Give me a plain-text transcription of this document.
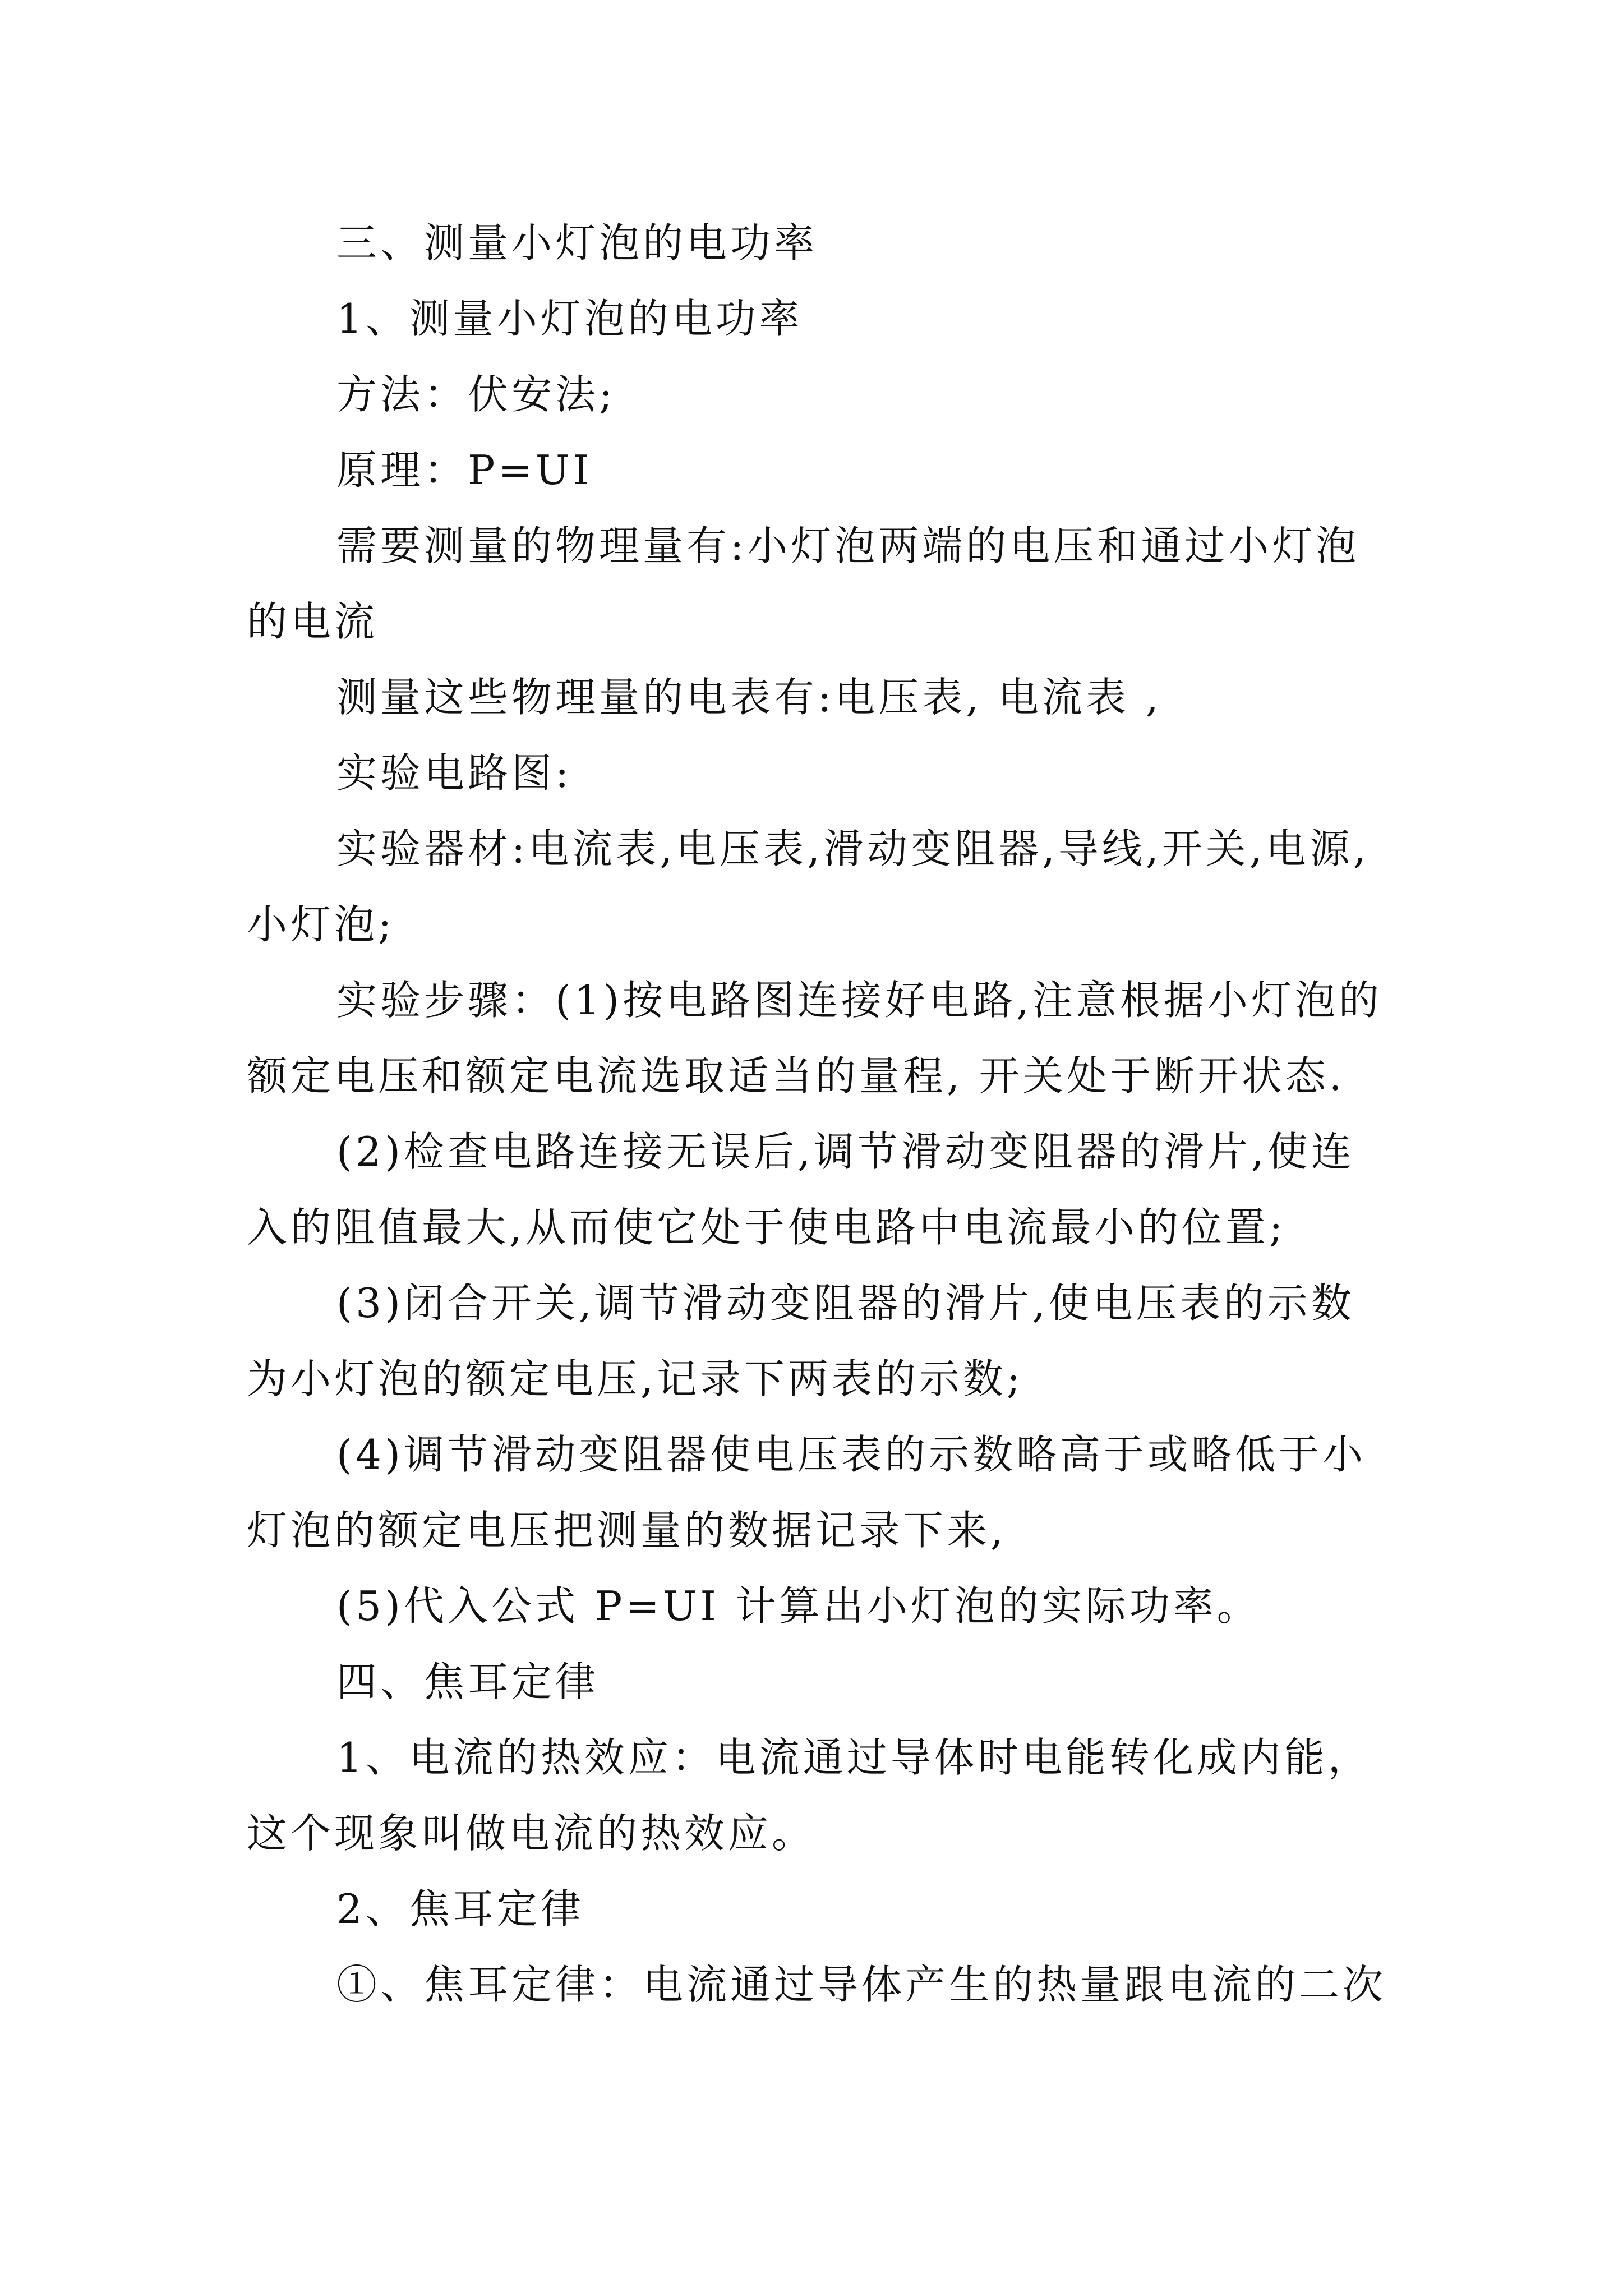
三、测量小灯泡的电功率
1、测量小灯泡的电功率
方法：伏安法;
原理：P=UI
需要测量的物理量有:小灯泡两端的电压和通过小灯泡
的电流
测量这些物理量的电表有:电压表, 电流表 ,
实验电路图:
实验器材:电流表,电压表,滑动变阻器,导线,开关,电源,
小灯泡;
实验步骤：(1)按电路图连接好电路,注意根据小灯泡的
额定电压和额定电流选取适当的量程, 开关处于断开状态.
(2)检查电路连接无误后,调节滑动变阻器的滑片,使连
入的阻值最大,从而使它处于使电路中电流最小的位置;
(3)闭合开关,调节滑动变阻器的滑片,使电压表的示数
为小灯泡的额定电压,记录下两表的示数;
(4)调节滑动变阻器使电压表的示数略高于或略低于小
灯泡的额定电压把测量的数据记录下来,
(5)代入公式 P=UI 计算出小灯泡的实际功率。
四、焦耳定律
1、电流的热效应：电流通过导体时电能转化成内能，
这个现象叫做电流的热效应。
2、焦耳定律
①、焦耳定律：电流通过导体产生的热量跟电流的二次
